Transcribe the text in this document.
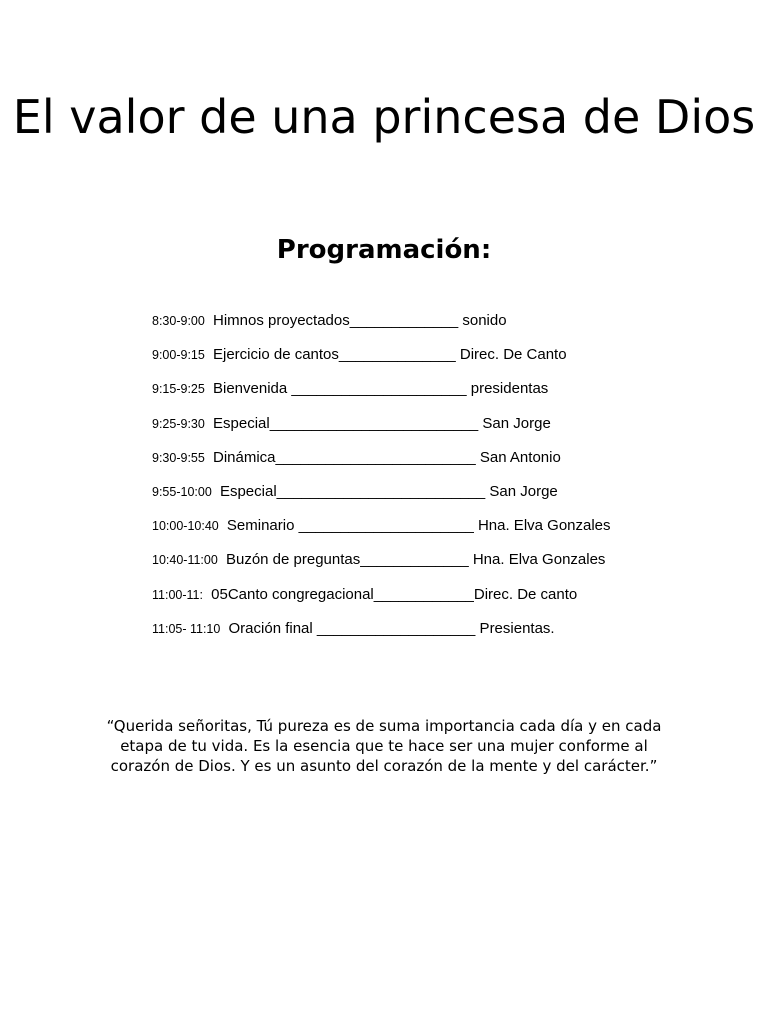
El valor de una princesa de Dios
Programación:
8:30-9:00 Himnos proyectados_____________ sonido
9:00-9:15 Ejercicio de cantos______________ Direc. De Canto
9:15-9:25 Bienvenida _____________________ presidentas
9:25-9:30 Especial_________________________ San Jorge
9:30-9:55 Dinámica________________________ San Antonio
9:55-10:00 Especial_________________________ San Jorge
10:00-10:40 Seminario _____________________ Hna. Elva Gonzales
10:40-11:00 Buzón de preguntas_____________ Hna. Elva Gonzales
11:00-11: 05Canto congregacional____________Direc. De canto
11:05- 11:10 Oración final ___________________ Presientas.

“Querida señoritas, Tú pureza es de suma importancia cada día y en cada etapa de tu vida. Es la esencia que te hace ser una mujer conforme al corazón de Dios. Y es un asunto del corazón de la mente y del carácter.”
